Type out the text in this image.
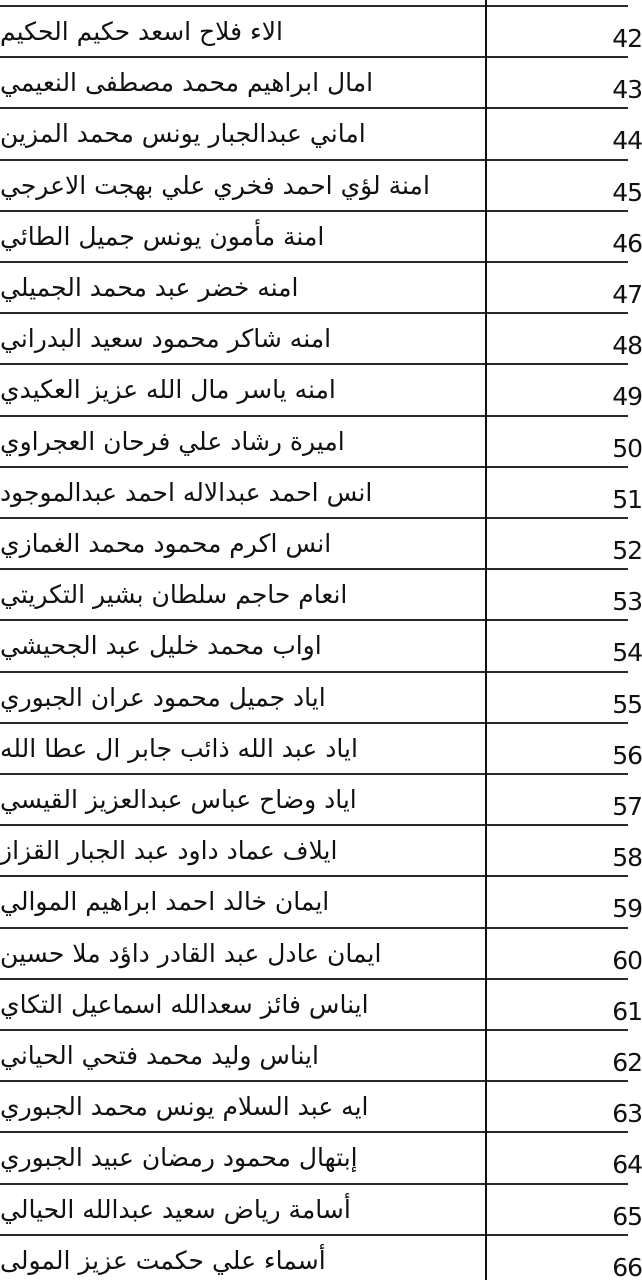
الاء فلاح اسعد حكيم الحكيم	42
امال ابراهيم محمد مصطفى النعيمي	43
اماني عبدالجبار يونس محمد المزين	44
امنة لؤي احمد فخري علي بهجت الاعرجي	45
امنة مأمون يونس جميل الطائي	46
امنه خضر عبد محمد الجميلي	47
امنه شاكر محمود سعيد البدراني	48
امنه ياسر مال الله عزيز العكيدي	49
اميرة رشاد علي فرحان العجراوي	50
انس احمد عبدالاله احمد عبدالموجود	51
انس اكرم محمود محمد الغمازي	52
انعام حاجم سلطان بشير التكريتي	53
اواب محمد خليل عبد الجحيشي	54
اياد جميل محمود عران الجبوري	55
اياد عبد الله ذائب جابر ال عطا الله	56
اياد وضاح عباس عبدالعزيز القيسي	57
ايلاف عماد داود عبد الجبار القزاز	58
ايمان خالد احمد ابراهيم الموالي	59
ايمان عادل عبد القادر داؤد ملا حسين	60
ايناس فائز سعدالله اسماعيل التكاي	61
ايناس وليد محمد فتحي الحياني	62
ايه عبد السلام يونس محمد الجبوري	63
إبتهال محمود رمضان عبيد الجبوري	64
أسامة رياض سعيد عبدالله الحيالي	65
أسماء علي حكمت عزيز المولى	66
